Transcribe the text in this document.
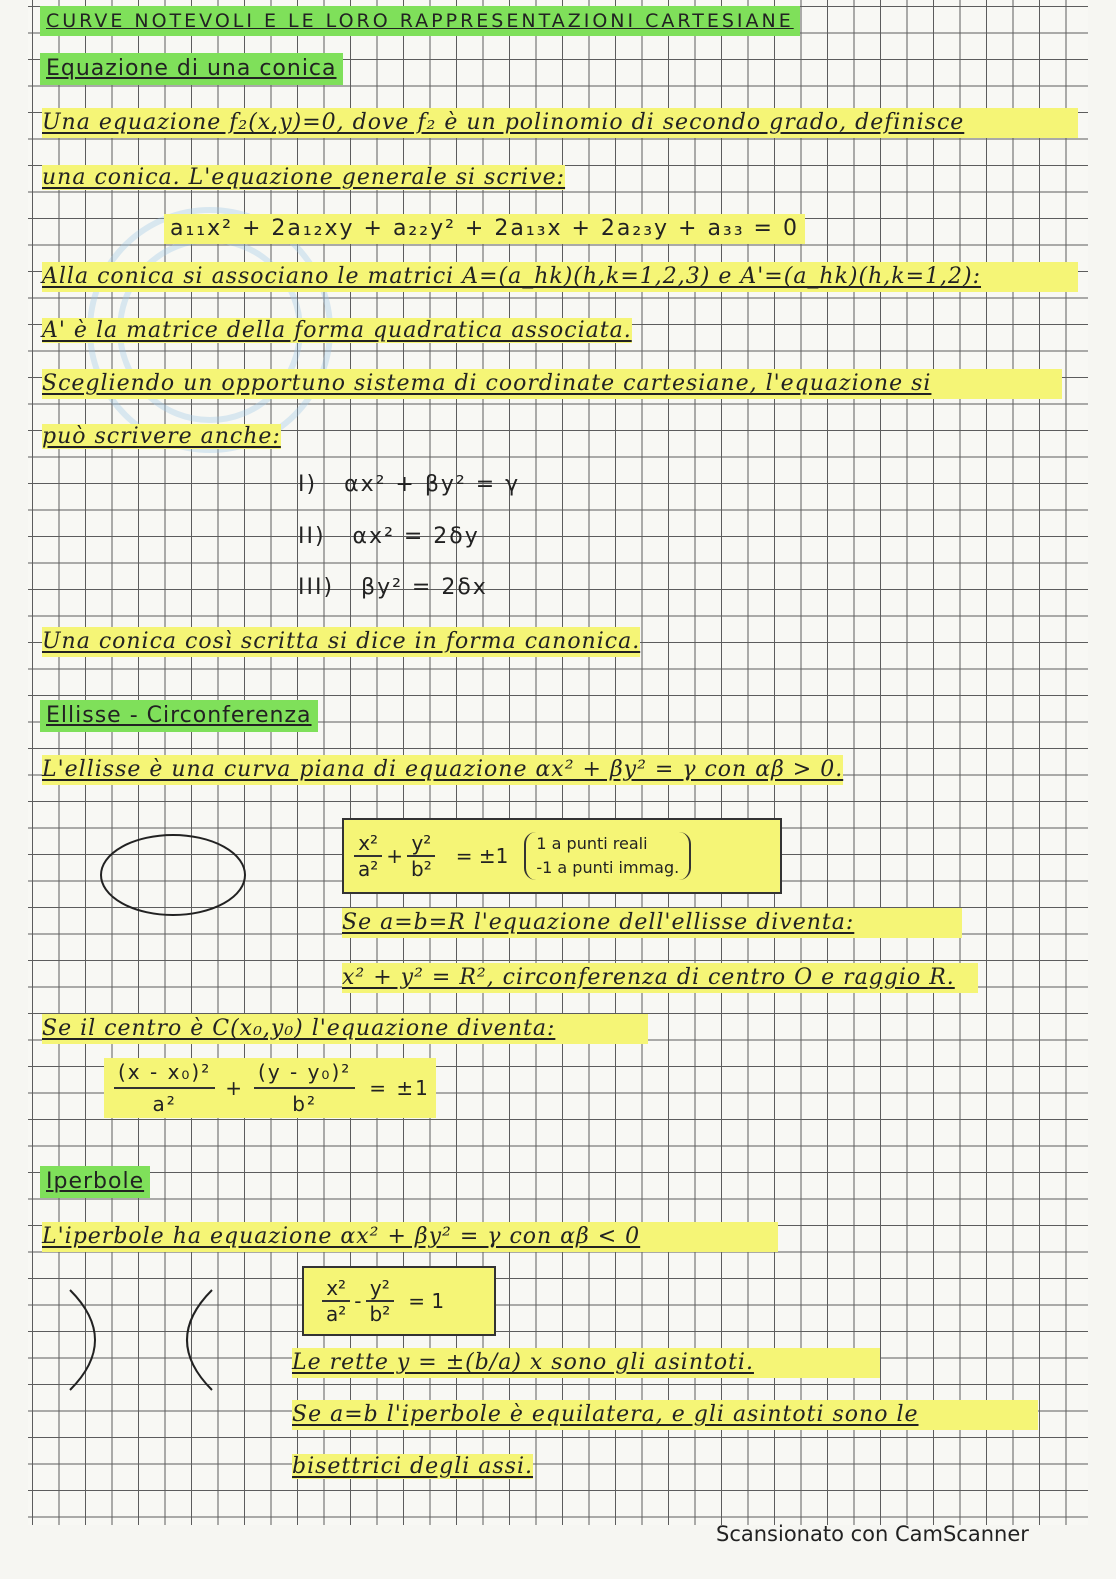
CURVE NOTEVOLI E LE LORO RAPPRESENTAZIONI CARTESIANE
Equazione di una conica
Una equazione f₂(x,y)=0, dove f₂ è un polinomio di secondo grado, definisce
una conica. L'equazione generale si scrive:
a₁₁x² + 2a₁₂xy + a₂₂y² + 2a₁₃x + 2a₂₃y + a₃₃ = 0
Alla conica si associano le matrici A=(a_hk)(h,k=1,2,3) e A'=(a_hk)(h,k=1,2):
A' è la matrice della forma quadratica associata.
Scegliendo un opportuno sistema di coordinate cartesiane, l'equazione si
può scrivere anche:
I) αx² + βy² = γ
II) αx² = 2δy
III) βy² = 2δx
Una conica così scritta si dice in forma canonica.
Ellisse - Circonferenza
L'ellisse è una curva piana di equazione αx² + βy² = γ con αβ > 0.
$\frac{\text{x²}}{\text{a²}} + \frac{\text{y²}}{\text{b²}} = \pm 1$
1 a punti reali
-1 a punti immag.
Se a=b=R l'equazione dell'ellisse diventa:
x² + y² = R², circonferenza di centro O e raggio R.
Se il centro è C(x₀,y₀) l'equazione diventa:
$\frac{\text{(x - x₀)²}}{\text{a²}} + \frac{\text{(y - y₀)²}}{\text{b²}} = \pm 1$
Iperbole
L'iperbole ha equazione αx² + βy² = γ con αβ < 0
$\frac{\text{x²}}{\text{a²}} - \frac{\text{y²}}{\text{b²}} = 1$
Le rette y = ±(b/a) x sono gli asintoti.
Se a=b l'iperbole è equilatera, e gli asintoti sono le
bisettrici degli assi.
Scansionato con CamScanner
